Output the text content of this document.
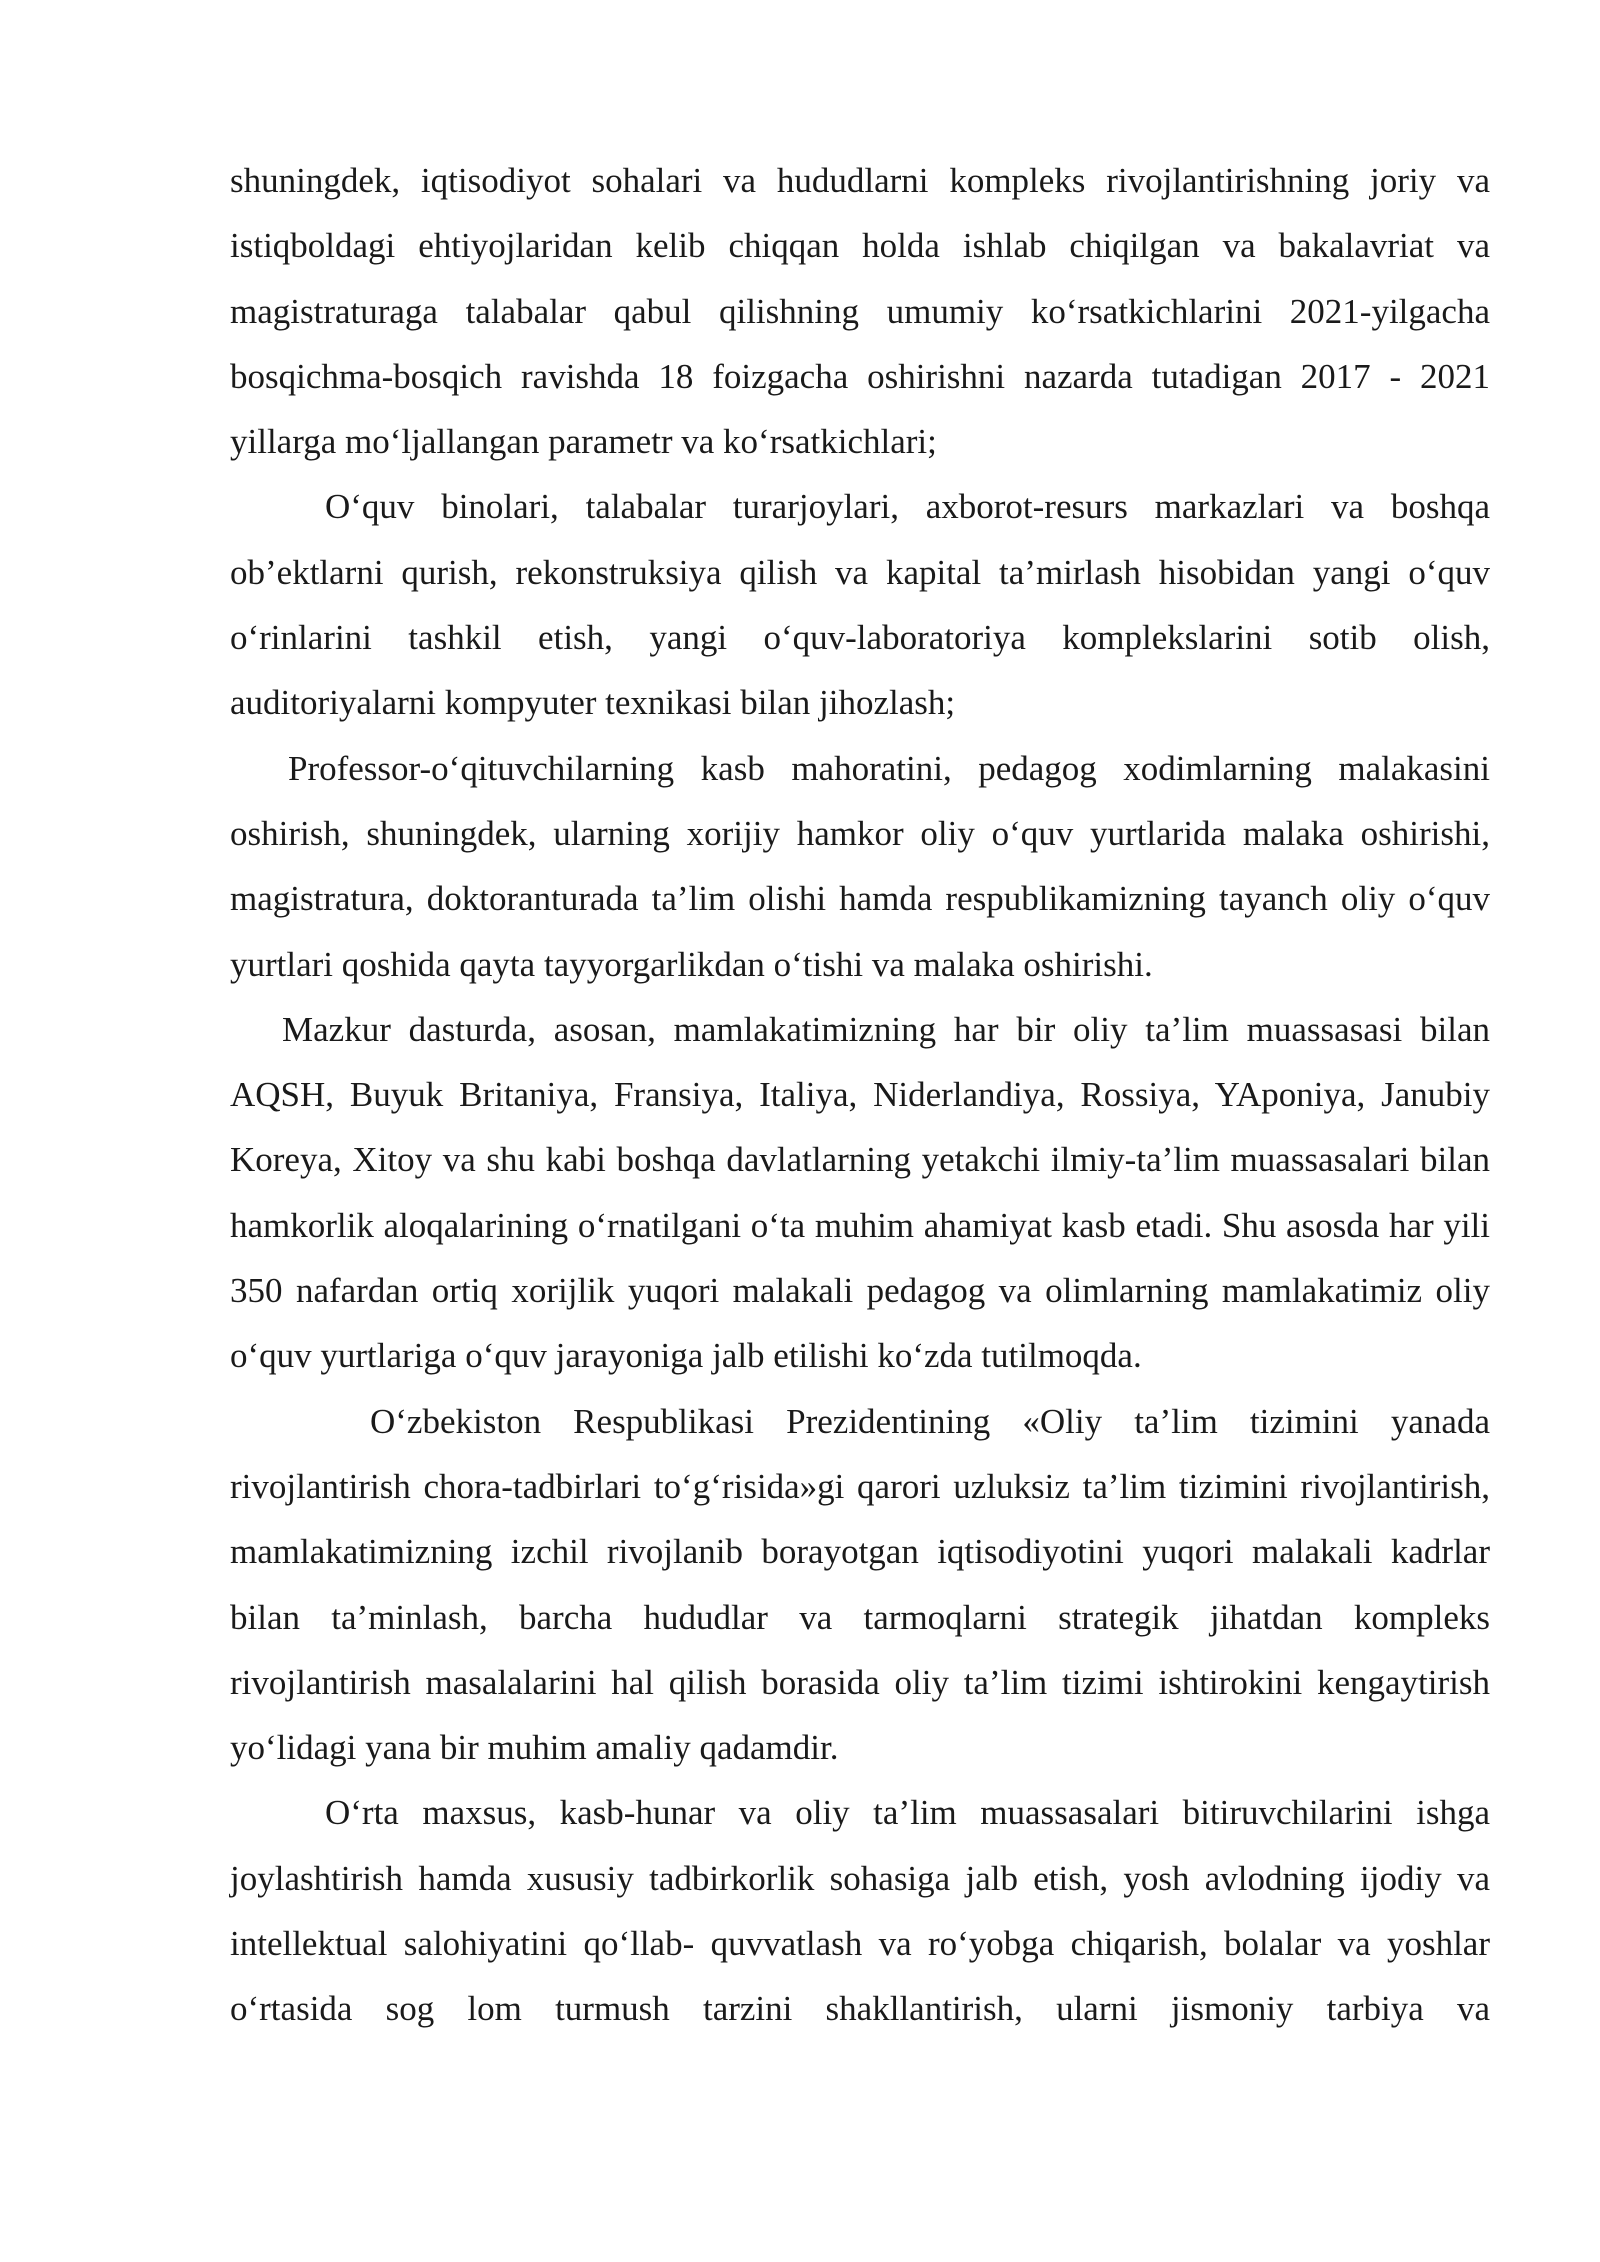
shuningdek, iqtisodiyot sohalari va hududlarni kompleks rivojlantirishning joriy va istiqboldagi ehtiyojlaridan kelib chiqqan holda ishlab chiqilgan va bakalavriat va magistraturaga talabalar qabul qilishning umumiy ko‘rsatkichlarini 2021-yilgacha bosqichma-bosqich ravishda 18 foizgacha oshirishni nazarda tutadigan 2017 - 2021 yillarga mo‘ljallangan parametr va ko‘rsatkichlari;

O‘quv binolari, talabalar turarjoylari, axborot-resurs markazlari va boshqa ob’ektlarni qurish, rekonstruksiya qilish va kapital ta’mirlash hisobidan yangi o‘quv o‘rinlarini tashkil etish, yangi o‘quv-laboratoriya komplekslarini sotib olish, auditoriyalarni kompyuter texnikasi bilan jihozlash;

Professor-o‘qituvchilarning kasb mahoratini, pedagog xodimlarning malakasini oshirish, shuningdek, ularning xorijiy hamkor oliy o‘quv yurtlarida malaka oshirishi, magistratura, doktoranturada ta’lim olishi hamda respublikamizning tayanch oliy o‘quv yurtlari qoshida qayta tayyorgarlikdan o‘tishi va malaka oshirishi.

Mazkur dasturda, asosan, mamlakatimizning har bir oliy ta’lim muassasasi bilan AQSH, Buyuk Britaniya, Fransiya, Italiya, Niderlandiya, Rossiya, YAponiya, Janubiy Koreya, Xitoy va shu kabi boshqa davlatlarning yetakchi ilmiy-ta’lim muassasalari bilan hamkorlik aloqalarining o‘rnatilgani o‘ta muhim ahamiyat kasb etadi. Shu asosda har yili 350 nafardan ortiq xorijlik yuqori malakali pedagog va olimlarning mamlakatimiz oliy o‘quv yurtlariga o‘quv jarayoniga jalb etilishi ko‘zda tutilmoqda.

O‘zbekiston Respublikasi Prezidentining «Oliy ta’lim tizimini yanada rivojlantirish chora-tadbirlari to‘g‘risida»gi qarori uzluksiz ta’lim tizimini rivojlantirish, mamlakatimizning izchil rivojlanib borayotgan iqtisodiyotini yuqori malakali kadrlar bilan ta’minlash, barcha hududlar va tarmoqlarni strategik jihatdan kompleks rivojlantirish masalalarini hal qilish borasida oliy ta’lim tizimi ishtirokini kengaytirish yo‘lidagi yana bir muhim amaliy qadamdir.

O‘rta maxsus, kasb-hunar va oliy ta’lim muassasalari bitiruvchilarini ishga joylashtirish hamda xususiy tadbirkorlik sohasiga jalb etish, yosh avlodning ijodiy va intellektual salohiyatini qo‘llab- quvvatlash va ro‘yobga chiqarish, bolalar va yoshlar o‘rtasida sog lom turmush tarzini shakllantirish, ularni jismoniy tarbiya va
